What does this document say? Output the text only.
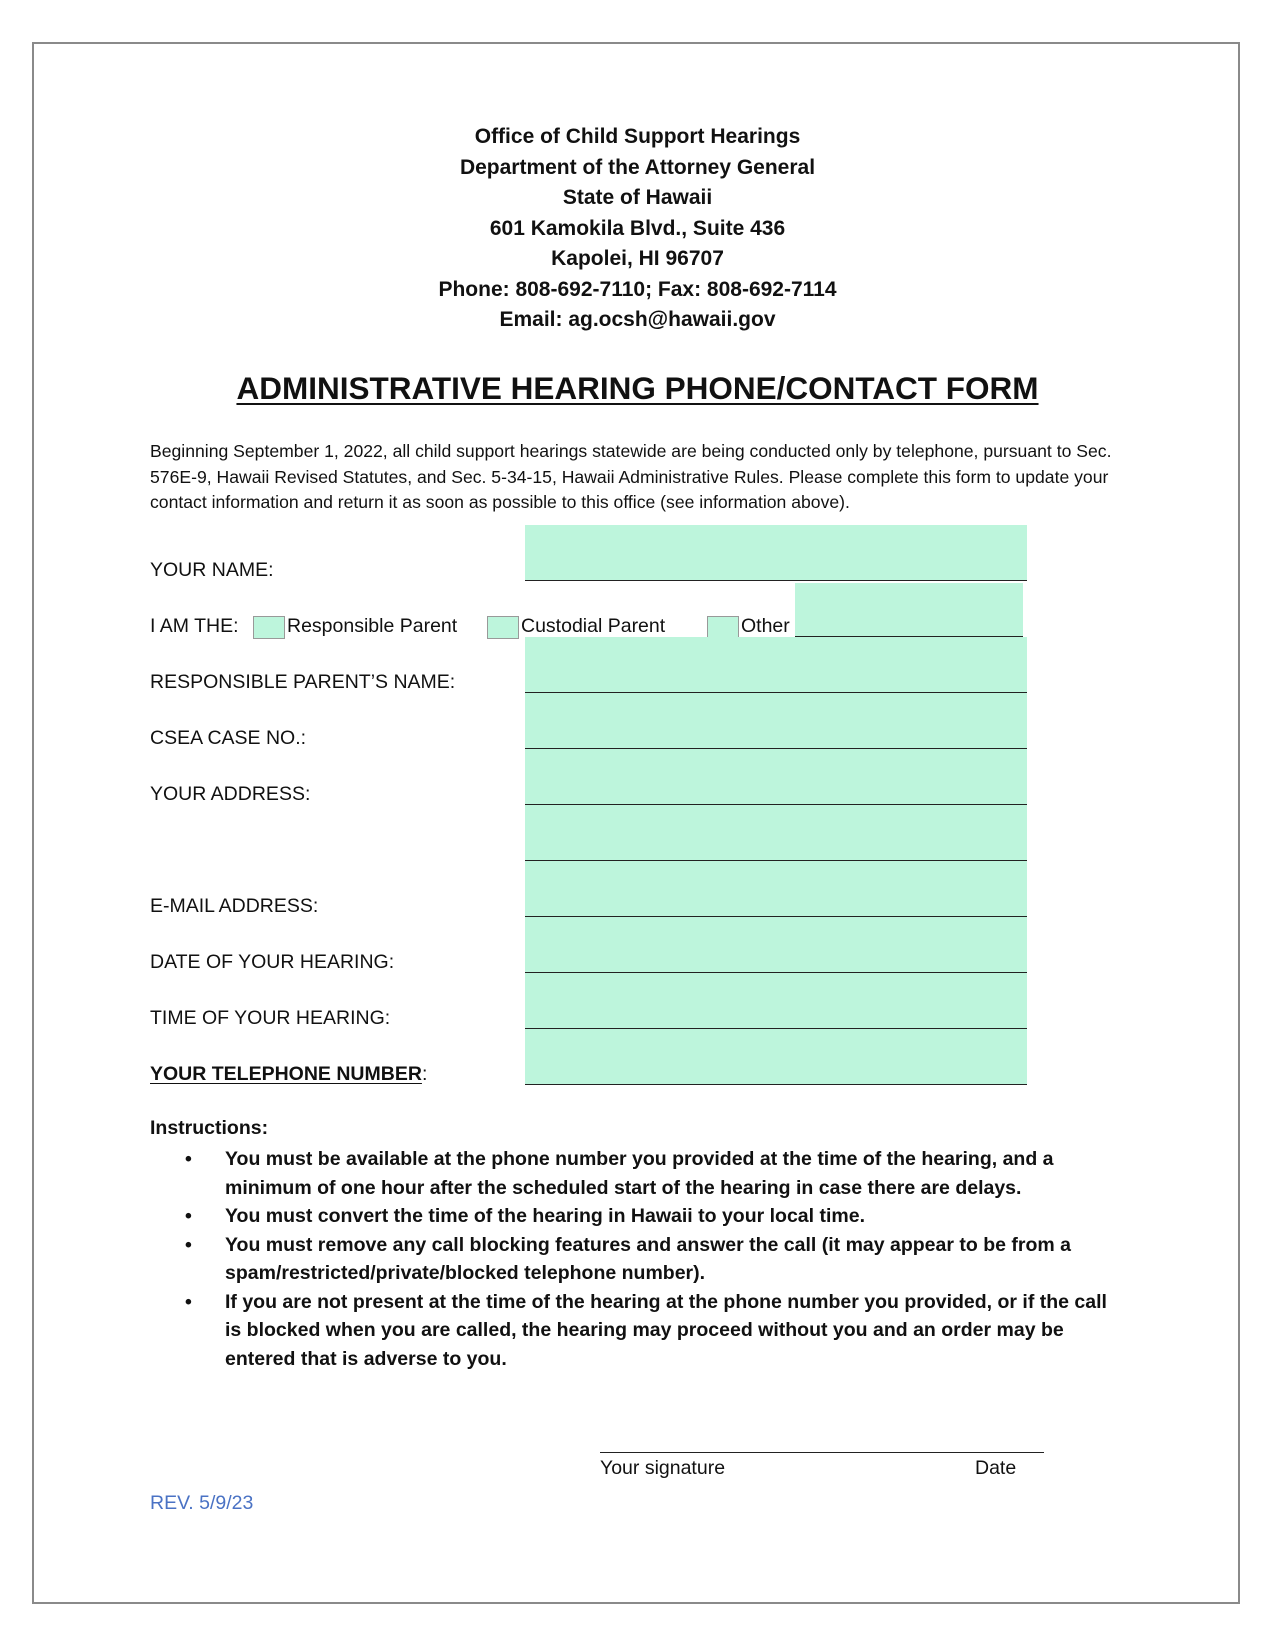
Office of Child Support Hearings
Department of the Attorney General
State of Hawaii
601 Kamokila Blvd., Suite 436
Kapolei, HI 96707
Phone: 808-692-7110; Fax: 808-692-7114
Email: ag.ocsh@hawaii.gov
ADMINISTRATIVE HEARING PHONE/CONTACT FORM
Beginning September 1, 2022, all child support hearings statewide are being conducted only by telephone, pursuant to Sec. 576E-9, Hawaii Revised Statutes, and Sec. 5-34-15, Hawaii Administrative Rules. Please complete this form to update your contact information and return it as soon as possible to this office (see information above).
YOUR NAME:
I AM THE: Responsible Parent	Custodial Parent	Other
RESPONSIBLE PARENT’S NAME:
CSEA CASE NO.:
YOUR ADDRESS:
E-MAIL ADDRESS:
DATE OF YOUR HEARING:
TIME OF YOUR HEARING:
YOUR TELEPHONE NUMBER:
Instructions:
•	You must be available at the phone number you provided at the time of the hearing, and a minimum of one hour after the scheduled start of the hearing in case there are delays.
•	You must convert the time of the hearing in Hawaii to your local time.
•	You must remove any call blocking features and answer the call (it may appear to be from a spam/restricted/private/blocked telephone number).
•	If you are not present at the time of the hearing at the phone number you provided, or if the call is blocked when you are called, the hearing may proceed without you and an order may be entered that is adverse to you.
Your signature	Date
REV. 5/9/23
